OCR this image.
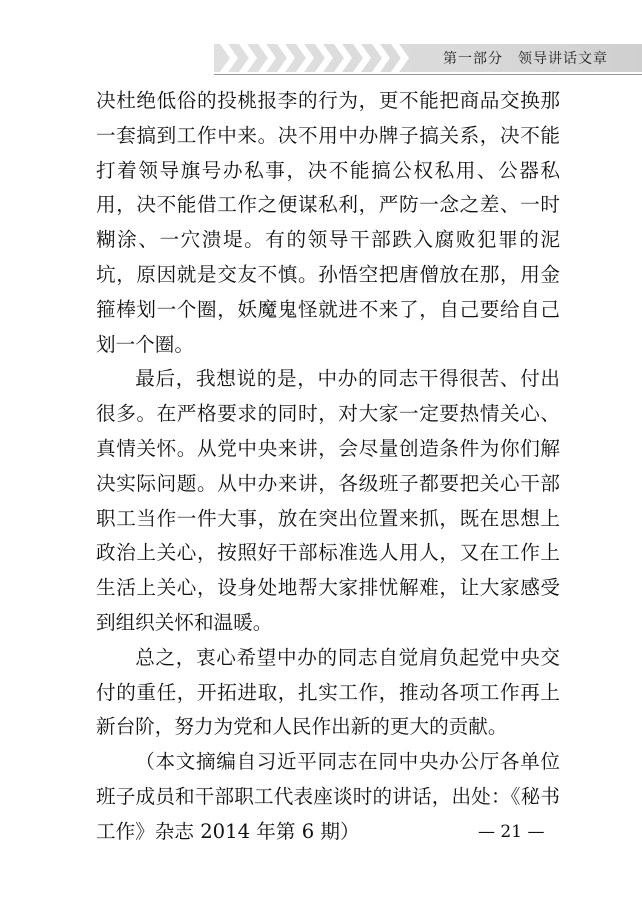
第一部分　领导讲话文章

决杜绝低俗的投桃报李的行为，更不能把商品交换那一套搞到工作中来。决不用中办牌子搞关系，决不能打着领导旗号办私事，决不能搞公权私用、公器私用，决不能借工作之便谋私利，严防一念之差、一时糊涂、一穴溃堤。有的领导干部跌入腐败犯罪的泥坑，原因就是交友不慎。孙悟空把唐僧放在那，用金箍棒划一个圈，妖魔鬼怪就进不来了，自己要给自己划一个圈。

最后，我想说的是，中办的同志干得很苦、付出很多。在严格要求的同时，对大家一定要热情关心、真情关怀。从党中央来讲，会尽量创造条件为你们解决实际问题。从中办来讲，各级班子都要把关心干部职工当作一件大事，放在突出位置来抓，既在思想上政治上关心，按照好干部标准选人用人，又在工作上生活上关心，设身处地帮大家排忧解难，让大家感受到组织关怀和温暖。

总之，衷心希望中办的同志自觉肩负起党中央交付的重任，开拓进取，扎实工作，推动各项工作再上新台阶，努力为党和人民作出新的更大的贡献。

（本文摘编自习近平同志在同中央办公厅各单位班子成员和干部职工代表座谈时的讲话，出处：《秘书工作》杂志 2014 年第 6 期）	— 21 —
